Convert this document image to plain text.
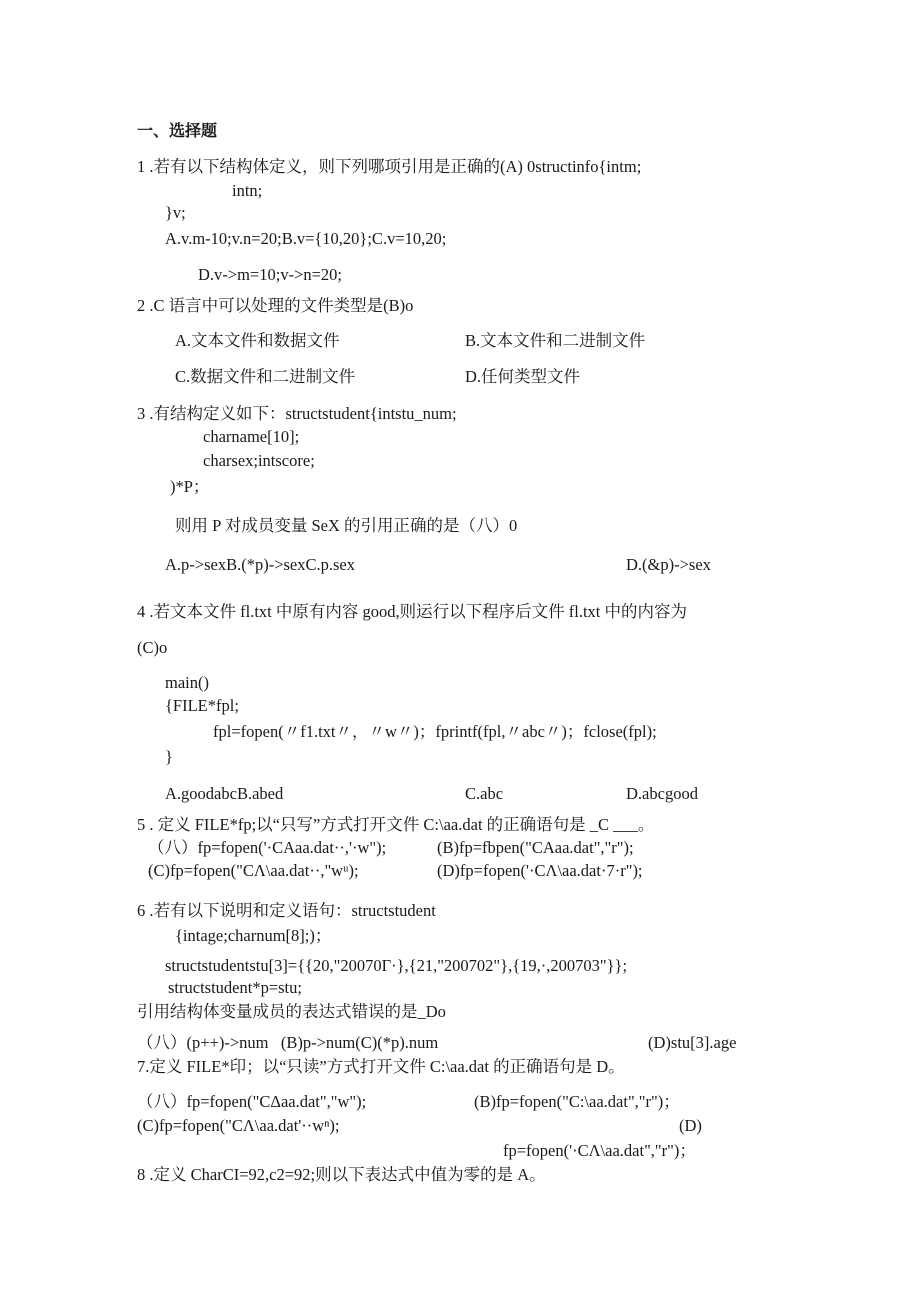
一、选择题
1 .若有以下结构体定义，则下列哪项引用是正确的(A) 0structinfo{intm;
intn;
}v;
A.v.m-10;v.n=20;B.v={10,20};C.v=10,20;
D.v->m=10;v->n=20;
2 .C 语言中可以处理的文件类型是(B)o
A.文本文件和数据文件	B.文本文件和二进制文件
C.数据文件和二进制文件	D.任何类型文件
3 .有结构定义如下：structstudent{intstu_num;
charname[10];
charsex;intscore;
)*P；
则用 P 对成员变量 SeX 的引用正确的是（八）0
A.p->sexB.(*p)->sexC.p.sex	D.(&p)->sex
4 .若文本文件 fl.txt 中原有内容 good,则运行以下程序后文件 fl.txt 中的内容为
(C)o
main()
{FILE*fpl;
fpl=fopen(〃f1.txt〃，〃w〃)；fprintf(fpl,〃abc〃)；fclose(fpl);
}
A.goodabcB.abed	C.abc	D.abcgood
5 . 定义 FILE*fp;以“只写”方式打开文件 C:\aa.dat 的正确语句是 _C ___。
（八）fp=fopen('·CAaa.dat··,'·w");	(B)fp=fbpen("CAaa.dat","r");
(C)fp=fopen("CΛ\aa.dat··,"wᵘ);	(D)fp=fopen('·CΛ\aa.dat·7·r");
6 .若有以下说明和定义语句：structstudent
{intage;charnum[8];)；
structstudentstu[3]={{20,"20070Γ·},{21,"200702"},{19,·,200703"}};
structstudent*p=stu;
引用结构体变量成员的表达式错误的是_Do
（八）(p++)->num   (B)p->num(C)(*p).num	(D)stu[3].age
7.定义 FILE*印；以“只读”方式打开文件 C:\aa.dat 的正确语句是 D。
（八）fp=fopen("CΔaa.dat","w");	(B)fp=fopen("C:\aa.dat","r")；
(C)fp=fopen("CΛ\aa.dat'··wⁿ);	(D)
fp=fopen('·CΛ\aa.dat","r")；
8 .定义 CharCI=92,c2=92;则以下表达式中值为零的是 A。
